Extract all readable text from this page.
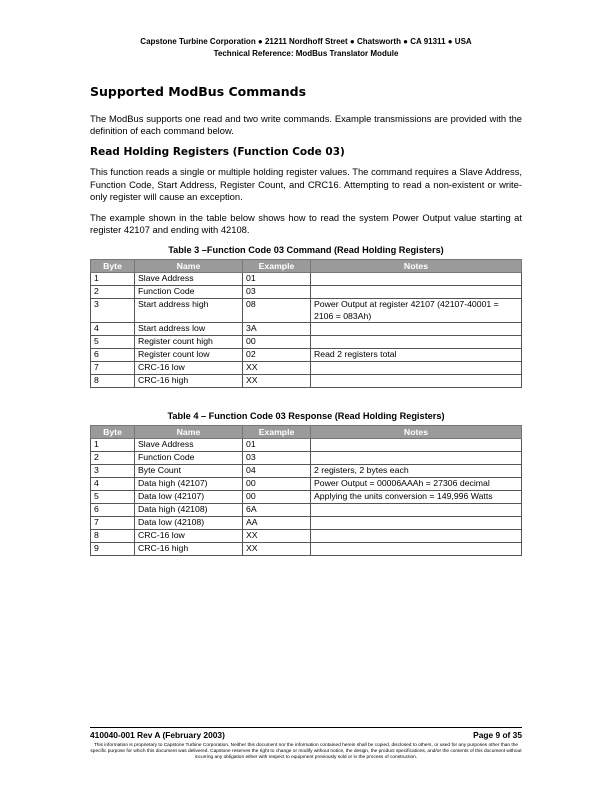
Capstone Turbine Corporation ● 21211 Nordhoff Street ● Chatsworth ● CA 91311 ● USA
Technical Reference: ModBus Translator Module
Supported ModBus Commands

The ModBus supports one read and two write commands. Example transmissions are provided with the definition of each command below.

Read Holding Registers (Function Code 03)

This function reads a single or multiple holding register values. The command requires a Slave Address, Function Code, Start Address, Register Count, and CRC16. Attempting to read a non-existent or write-only register will cause an exception.

The example shown in the table below shows how to read the system Power Output value starting at register 42107 and ending with 42108.

Table 3 –Function Code 03 Command (Read Holding Registers)
Byte	Name	Example	Notes
1	Slave Address	01	
2	Function Code	03	
3	Start address high	08	Power Output at register 42107 (42107-40001 = 2106 = 083Ah)
4	Start address low	3A	
5	Register count high	00	
6	Register count low	02	Read 2 registers total
7	CRC-16 low	XX	
8	CRC-16 high	XX	
Table 4 – Function Code 03 Response (Read Holding Registers)
Byte	Name	Example	Notes
1	Slave Address	01	
2	Function Code	03	
3	Byte Count	04	2 registers, 2 bytes each
4	Data high (42107)	00	Power Output = 00006AAAh = 27306 decimal
5	Data low (42107)	00	Applying the units conversion = 149,996 Watts
6	Data high (42108)	6A	
7	Data low (42108)	AA	
8	CRC-16 low	XX	
9	CRC-16 high	XX	
410040-001 Rev A (February 2003)	Page 9 of 35
This information is proprietary to Capstone Turbine Corporation. Neither this document nor the information contained herein shall be copied, disclosed to others, or used for any purposes other than the specific purpose for which this document was delivered. Capstone reserves the right to change or modify without notice, the design, the product specifications, and/or the contents of this document without incurring any obligation either with respect to equipment previously sold or in the process of construction.
